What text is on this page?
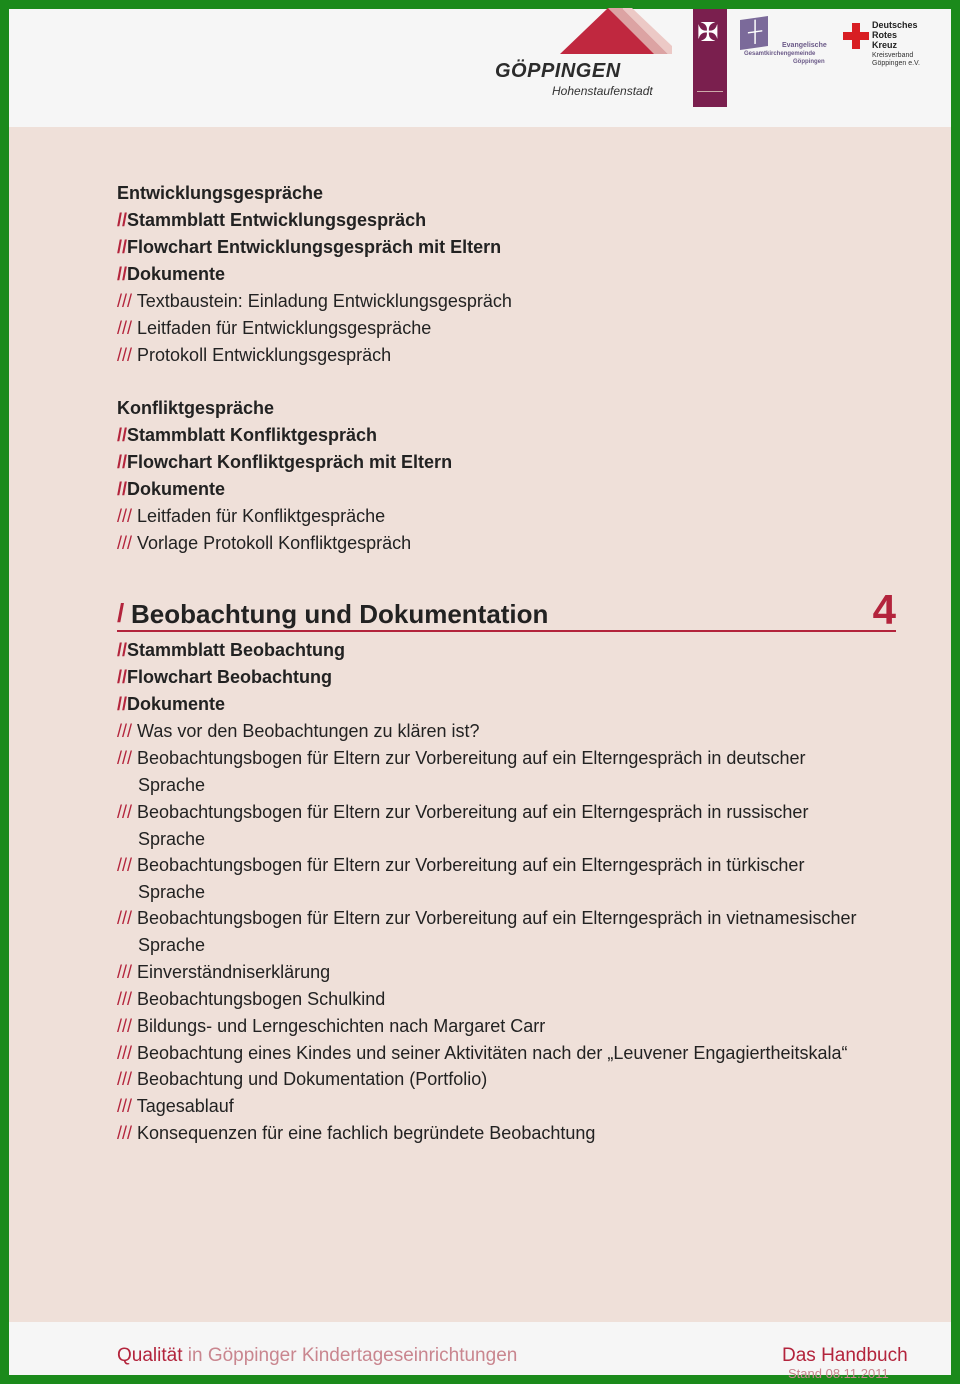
GÖPPINGEN
Hohenstaufenstadt
✠ ┼
Evangelische
Gesamtkirchengemeinde
Göppingen
Deutsches
Rotes
Kreuz
Kreisverband
Göppingen e.V.
Entwicklungsgespräche
//Stammblatt Entwicklungsgespräch
//Flowchart Entwicklungsgespräch mit Eltern
//Dokumente
/// Textbaustein: Einladung Entwicklungsgespräch
/// Leitfaden für Entwicklungsgespräche
/// Protokoll Entwicklungsgespräch
Konfliktgespräche
//Stammblatt Konfliktgespräch
//Flowchart Konfliktgespräch mit Eltern
//Dokumente
/// Leitfaden für Konfliktgespräche
/// Vorlage Protokoll Konfliktgespräch
/ Beobachtung und Dokumentation	4
//Stammblatt Beobachtung
//Flowchart Beobachtung
//Dokumente
/// Was vor den Beobachtungen zu klären ist?
/// Beobachtungsbogen für Eltern zur Vorbereitung auf ein Elterngespräch in deutscher
Sprache
/// Beobachtungsbogen für Eltern zur Vorbereitung auf ein Elterngespräch in russischer
Sprache
/// Beobachtungsbogen für Eltern zur Vorbereitung auf ein Elterngespräch in türkischer
Sprache
/// Beobachtungsbogen für Eltern zur Vorbereitung auf ein Elterngespräch in vietnamesischer
Sprache
/// Einverständniserklärung
/// Beobachtungsbogen Schulkind
/// Bildungs- und Lerngeschichten nach Margaret Carr
/// Beobachtung eines Kindes und seiner Aktivitäten nach der „Leuvener Engagiertheitskala“
/// Beobachtung und Dokumentation (Portfolio)
/// Tagesablauf
/// Konsequenzen für eine fachlich begründete Beobachtung
Qualität in Göppinger Kindertageseinrichtungen	Das Handbuch
Stand 08.11.2011
